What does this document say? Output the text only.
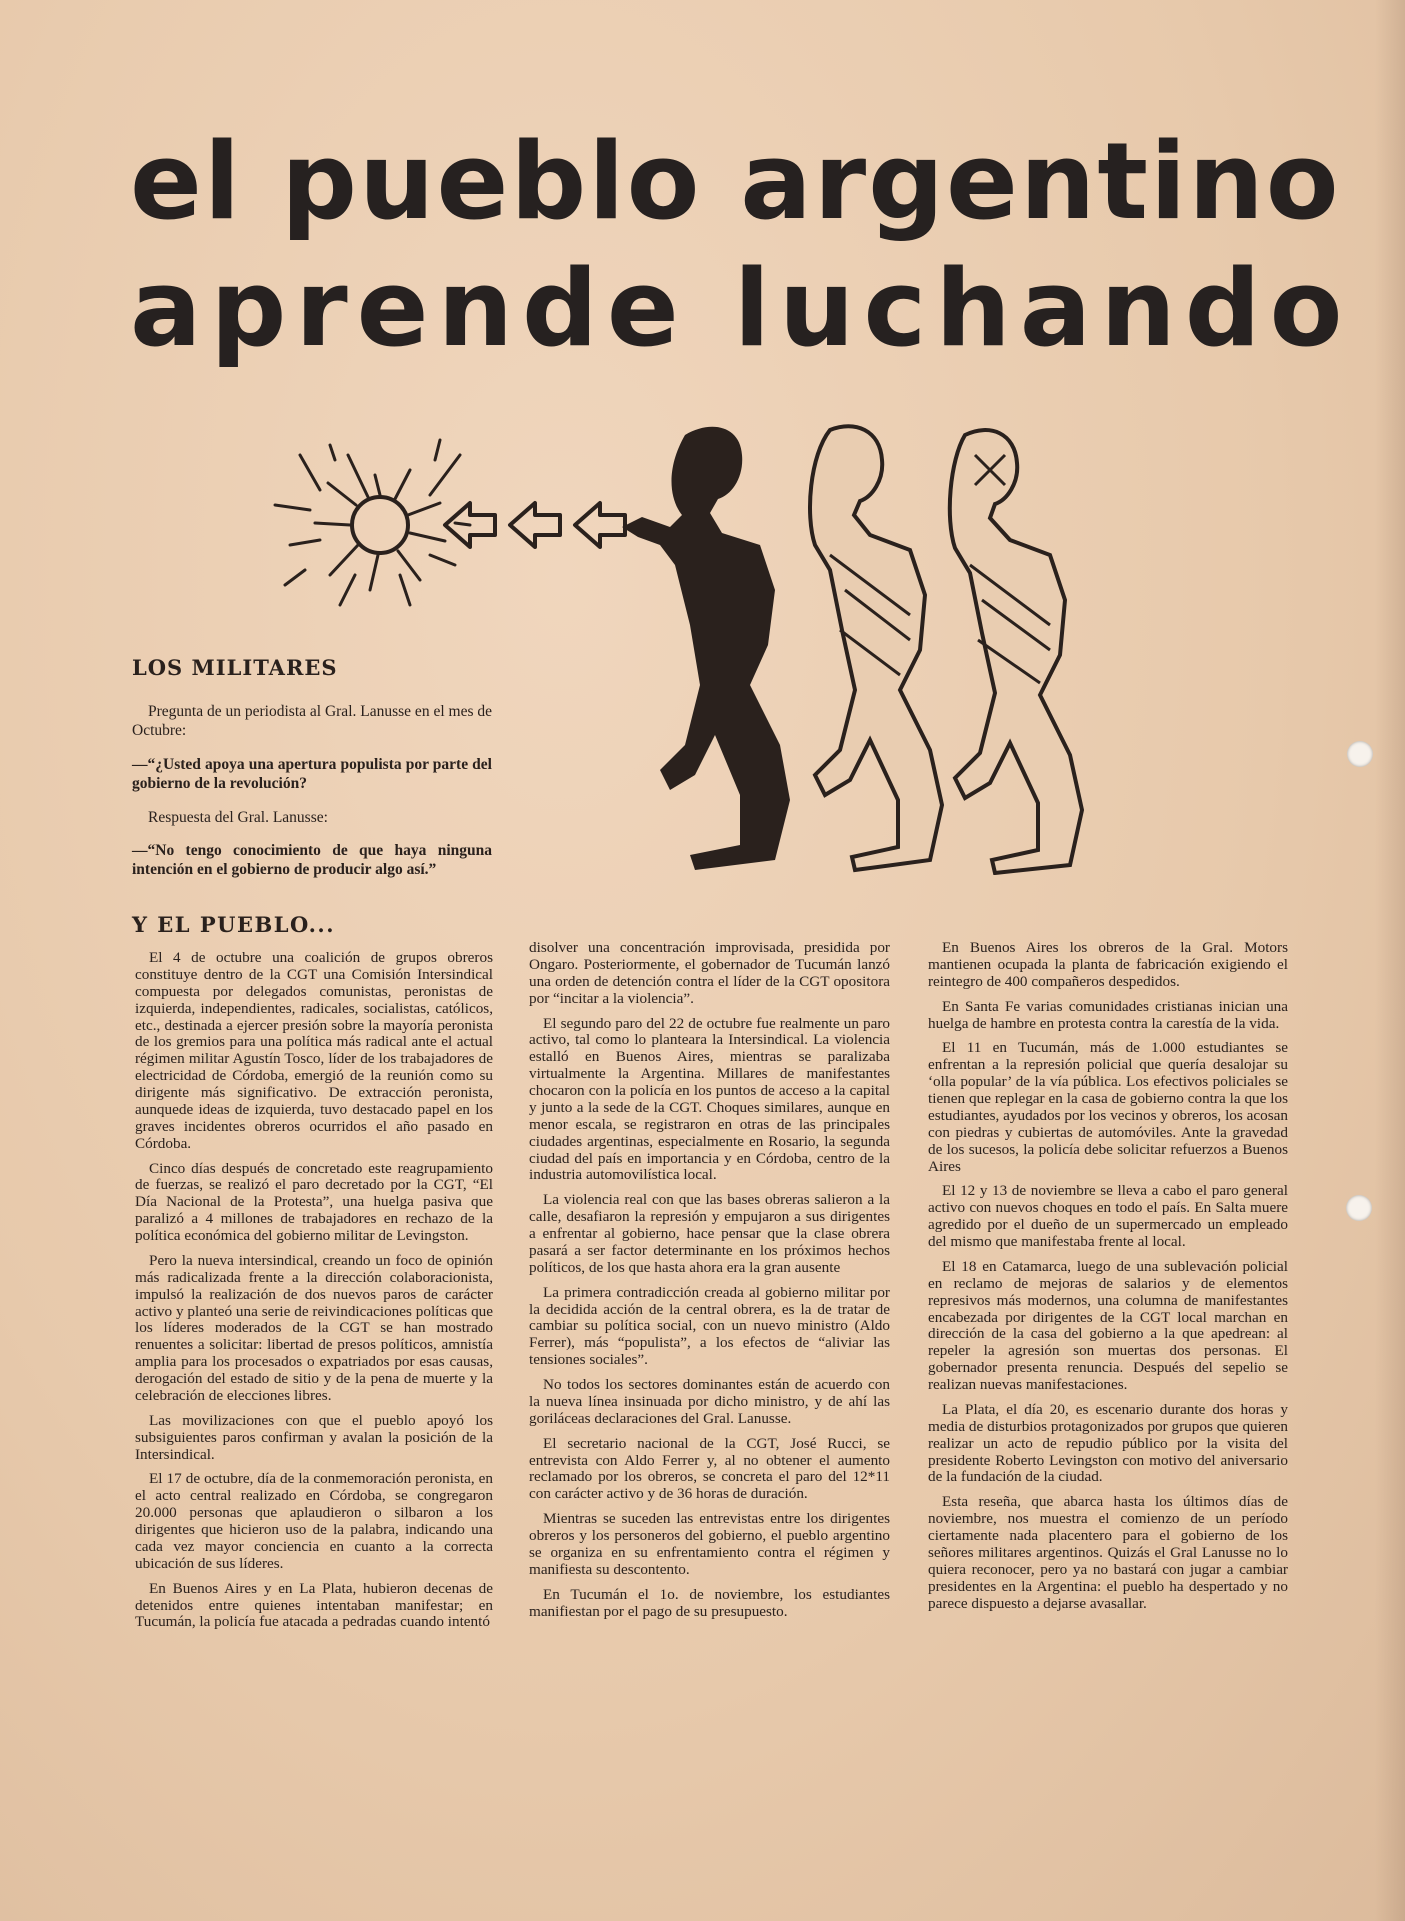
el pueblo argentino
aprende luchando
LOS MILITARES

Pregunta de un periodista al Gral. Lanusse en el mes de Octubre:

—“¿Usted apoya una apertura populista por parte del gobierno de la revolución?

Respuesta del Gral. Lanusse:

—“No tengo conocimiento de que haya ninguna intención en el gobierno de producir algo así.”

Y EL PUEBLO...

El 4 de octubre una coalición de grupos obreros constituye dentro de la CGT una Comisión Intersindical compuesta por delegados comunistas, peronistas de izquierda, independientes, radicales, socialistas, católicos, etc., destinada a ejercer presión sobre la mayoría peronista de los gremios para una política más radical ante el actual régimen militar Agustín Tosco, líder de los trabajadores de electricidad de Córdoba, emergió de la reunión como su dirigente más significativo. De extracción peronista, aunquede ideas de izquierda, tuvo destacado papel en los graves incidentes obreros ocurridos el año pasado en Córdoba.

Cinco días después de concretado este reagrupamiento de fuerzas, se realizó el paro decretado por la CGT, “El Día Nacional de la Protesta”, una huelga pasiva que paralizó a 4 millones de trabajadores en rechazo de la política económica del gobierno militar de Levingston.

Pero la nueva intersindical, creando un foco de opinión más radicalizada frente a la dirección colaboracionista, impulsó la realización de dos nuevos paros de carácter activo y planteó una serie de reivindicaciones políticas que los líderes moderados de la CGT se han mostrado renuentes a solicitar: libertad de presos políticos, amnistía amplia para los procesados o expatriados por esas causas, derogación del estado de sitio y de la pena de muerte y la celebración de elecciones libres.

Las movilizaciones con que el pueblo apoyó los subsiguientes paros confirman y avalan la posición de la Intersindical.

El 17 de octubre, día de la conmemoración peronista, en el acto central realizado en Córdoba, se congregaron 20.000 personas que aplaudieron o silbaron a los dirigentes que hicieron uso de la palabra, indicando una cada vez mayor conciencia en cuanto a la correcta ubicación de sus líderes.

En Buenos Aires y en La Plata, hubieron decenas de detenidos entre quienes intentaban manifestar; en Tucumán, la policía fue atacada a pedradas cuando intentó

disolver una concentración improvisada, presidida por Ongaro. Posteriormente, el gobernador de Tucumán lanzó una orden de detención contra el líder de la CGT opositora por “incitar a la violencia”.

El segundo paro del 22 de octubre fue realmente un paro activo, tal como lo planteara la Intersindical. La violencia estalló en Buenos Aires, mientras se paralizaba virtualmente la Argentina. Millares de manifestantes chocaron con la policía en los puntos de acceso a la capital y junto a la sede de la CGT. Choques similares, aunque en menor escala, se registraron en otras de las principales ciudades argentinas, especialmente en Rosario, la segunda ciudad del país en importancia y en Córdoba, centro de la industria automovilística local.

La violencia real con que las bases obreras salieron a la calle, desafiaron la represión y empujaron a sus dirigentes a enfrentar al gobierno, hace pensar que la clase obrera pasará a ser factor determinante en los próximos hechos políticos, de los que hasta ahora era la gran ausente

La primera contradicción creada al gobierno militar por la decidida acción de la central obrera, es la de tratar de cambiar su política social, con un nuevo ministro (Aldo Ferrer), más “populista”, a los efectos de “aliviar las tensiones sociales”.

No todos los sectores dominantes están de acuerdo con la nueva línea insinuada por dicho ministro, y de ahí las goriláceas declaraciones del Gral. Lanusse.

El secretario nacional de la CGT, José Rucci, se entrevista con Aldo Ferrer y, al no obtener el aumento reclamado por los obreros, se concreta el paro del 12*11 con carácter activo y de 36 horas de duración.

Mientras se suceden las entrevistas entre los dirigentes obreros y los personeros del gobierno, el pueblo argentino se organiza en su enfrentamiento contra el régimen y manifiesta su descontento.

En Tucumán el 1o. de noviembre, los estudiantes manifiestan por el pago de su presupuesto.

En Buenos Aires los obreros de la Gral. Motors mantienen ocupada la planta de fabricación exigiendo el reintegro de 400 compañeros despedidos.

En Santa Fe varias comunidades cristianas inician una huelga de hambre en protesta contra la carestía de la vida.

El 11 en Tucumán, más de 1.000 estudiantes se enfrentan a la represión policial que quería desalojar su ‘olla popular’ de la vía pública. Los efectivos policiales se tienen que replegar en la casa de gobierno contra la que los estudiantes, ayudados por los vecinos y obreros, los acosan con piedras y cubiertas de automóviles. Ante la gravedad de los sucesos, la policía debe solicitar refuerzos a Buenos Aires

El 12 y 13 de noviembre se lleva a cabo el paro general activo con nuevos choques en todo el país. En Salta muere agredido por el dueño de un supermercado un empleado del mismo que manifestaba frente al local.

El 18 en Catamarca, luego de una sublevación policial en reclamo de mejoras de salarios y de elementos represivos más modernos, una columna de manifestantes encabezada por dirigentes de la CGT local marchan en dirección de la casa del gobierno a la que apedrean: al repeler la agresión son muertas dos personas. El gobernador presenta renuncia. Después del sepelio se realizan nuevas manifestaciones.

La Plata, el día 20, es escenario durante dos horas y media de disturbios protagonizados por grupos que quieren realizar un acto de repudio público por la visita del presidente Roberto Levingston con motivo del aniversario de la fundación de la ciudad.

Esta reseña, que abarca hasta los últimos días de noviembre, nos muestra el comienzo de un período ciertamente nada placentero para el gobierno de los señores militares argentinos. Quizás el Gral Lanusse no lo quiera reconocer, pero ya no bastará con jugar a cambiar presidentes en la Argentina: el pueblo ha despertado y no parece dispuesto a dejarse avasallar.
